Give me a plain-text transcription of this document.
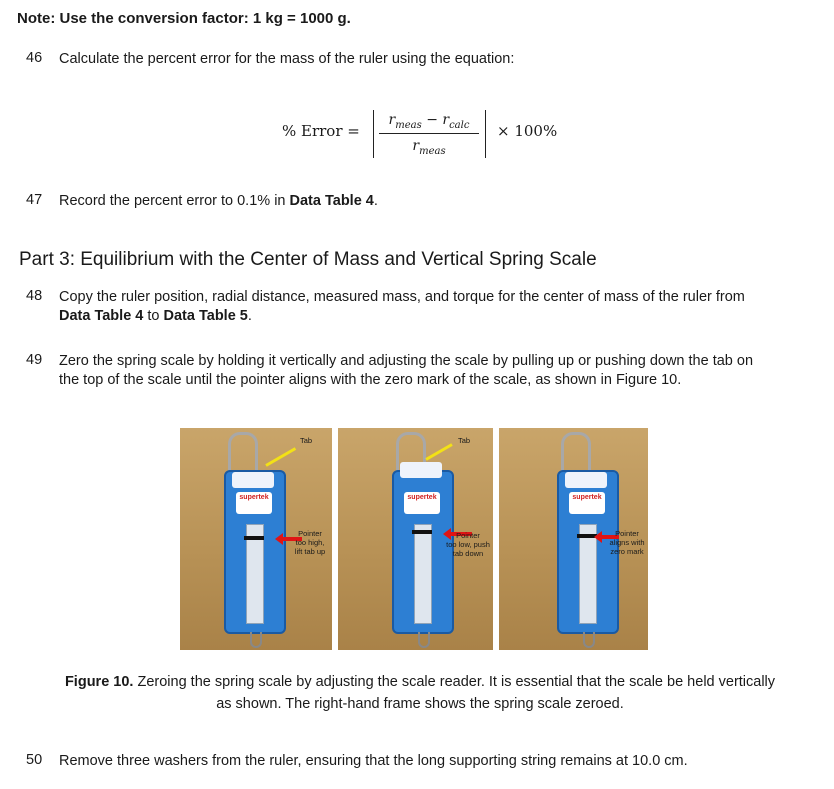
Note: Use the conversion factor: 1 kg = 1000 g.
46 Calculate the percent error for the mass of the ruler using the equation:
% Error =
$r_{meas} - r_{calc}$
$r_{meas}$
× 100%
47 Record the percent error to 0.1% in Data Table 4.
Part 3: Equilibrium with the Center of Mass and Vertical Spring Scale
48 Copy the ruler position, radial distance, measured mass, and torque for the center of mass of the ruler from
Data Table 4 to Data Table 5.
49 Zero the spring scale by holding it vertically and adjusting the scale by pulling up or pushing down the tab on
the top of the scale until the pointer aligns with the zero mark of the scale, as shown in Figure 10.
supertek
Tab
Pointer
too high,
lift tab up
supertek
Tab
Pointer
too low, push
tab down
supertek
Pointer
aligns with
zero mark
Figure 10. Zeroing the spring scale by adjusting the scale reader. It is essential that the scale be held vertically
as shown. The right-hand frame shows the spring scale zeroed.
50 Remove three washers from the ruler, ensuring that the long supporting string remains at 10.0 cm.
